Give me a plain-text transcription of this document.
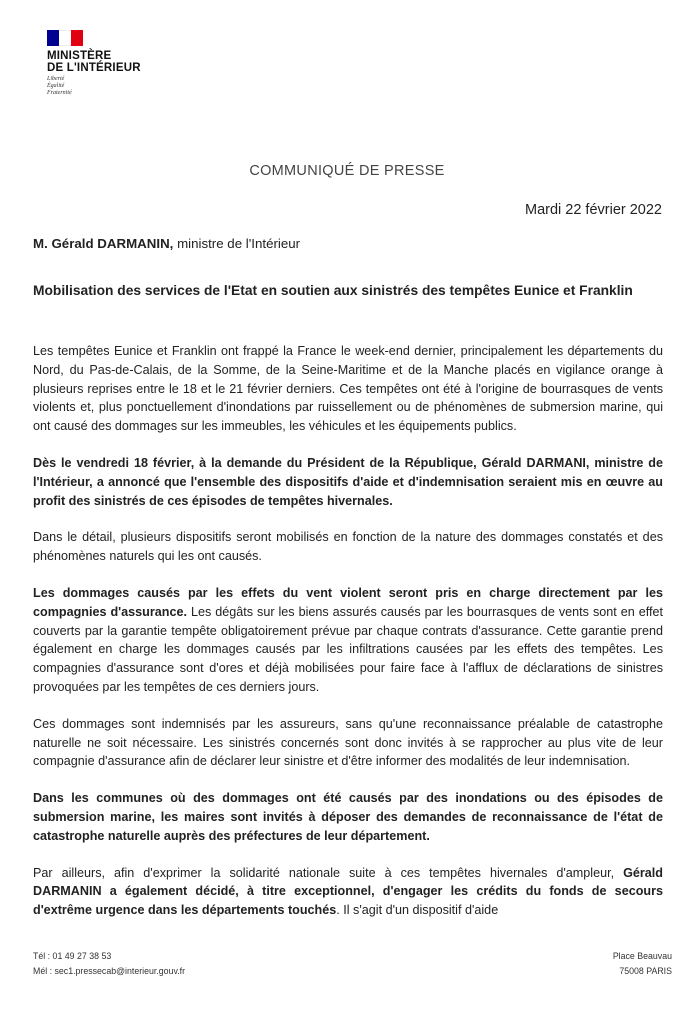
MINISTÈRE
DE L'INTÉRIEUR
Liberté
Égalité
Fraternité
COMMUNIQUÉ DE PRESSE
Mardi 22 février 2022
M. Gérald DARMANIN, ministre de l'Intérieur
Mobilisation des services de l'Etat en soutien aux sinistrés des tempêtes Eunice et Franklin

Les tempêtes Eunice et Franklin ont frappé la France le week-end dernier, principalement les départements du Nord, du Pas-de-Calais, de la Somme, de la Seine-Maritime et de la Manche placés en vigilance orange à plusieurs reprises entre le 18 et le 21 février derniers. Ces tempêtes ont été à l'origine de bourrasques de vents violents et, plus ponctuellement d'inondations par ruissellement ou de phénomènes de submersion marine, qui ont causé des dommages sur les immeubles, les véhicules et les équipements publics.

Dès le vendredi 18 février, à la demande du Président de la République, Gérald DARMANI, ministre de l'Intérieur, a annoncé que l'ensemble des dispositifs d'aide et d'indemnisation seraient mis en œuvre au profit des sinistrés de ces épisodes de tempêtes hivernales.

Dans le détail, plusieurs dispositifs seront mobilisés en fonction de la nature des dommages constatés et des phénomènes naturels qui les ont causés.

Les dommages causés par les effets du vent violent seront pris en charge directement par les compagnies d'assurance. Les dégâts sur les biens assurés causés par les bourrasques de vents sont en effet couverts par la garantie tempête obligatoirement prévue par chaque contrats d'assurance. Cette garantie prend également en charge les dommages causés par les infiltrations causées par les effets des tempêtes. Les compagnies d'assurance sont d'ores et déjà mobilisées pour faire face à l'afflux de déclarations de sinistres provoquées par les tempêtes de ces derniers jours.

Ces dommages sont indemnisés par les assureurs, sans qu'une reconnaissance préalable de catastrophe naturelle ne soit nécessaire. Les sinistrés concernés sont donc invités à se rapprocher au plus vite de leur compagnie d'assurance afin de déclarer leur sinistre et d'être informer des modalités de leur indemnisation.

Dans les communes où des dommages ont été causés par des inondations ou des épisodes de submersion marine, les maires sont invités à déposer des demandes de reconnaissance de l'état de catastrophe naturelle auprès des préfectures de leur département.

Par ailleurs, afin d'exprimer la solidarité nationale suite à ces tempêtes hivernales d'ampleur, Gérald DARMANIN a également décidé, à titre exceptionnel, d'engager les crédits du fonds de secours d'extrême urgence dans les départements touchés. Il s'agit d'un dispositif d'aide

Tél : 01 49 27 38 53
Mél : sec1.pressecab@interieur.gouv.fr
Place Beauvau
75008 PARIS
